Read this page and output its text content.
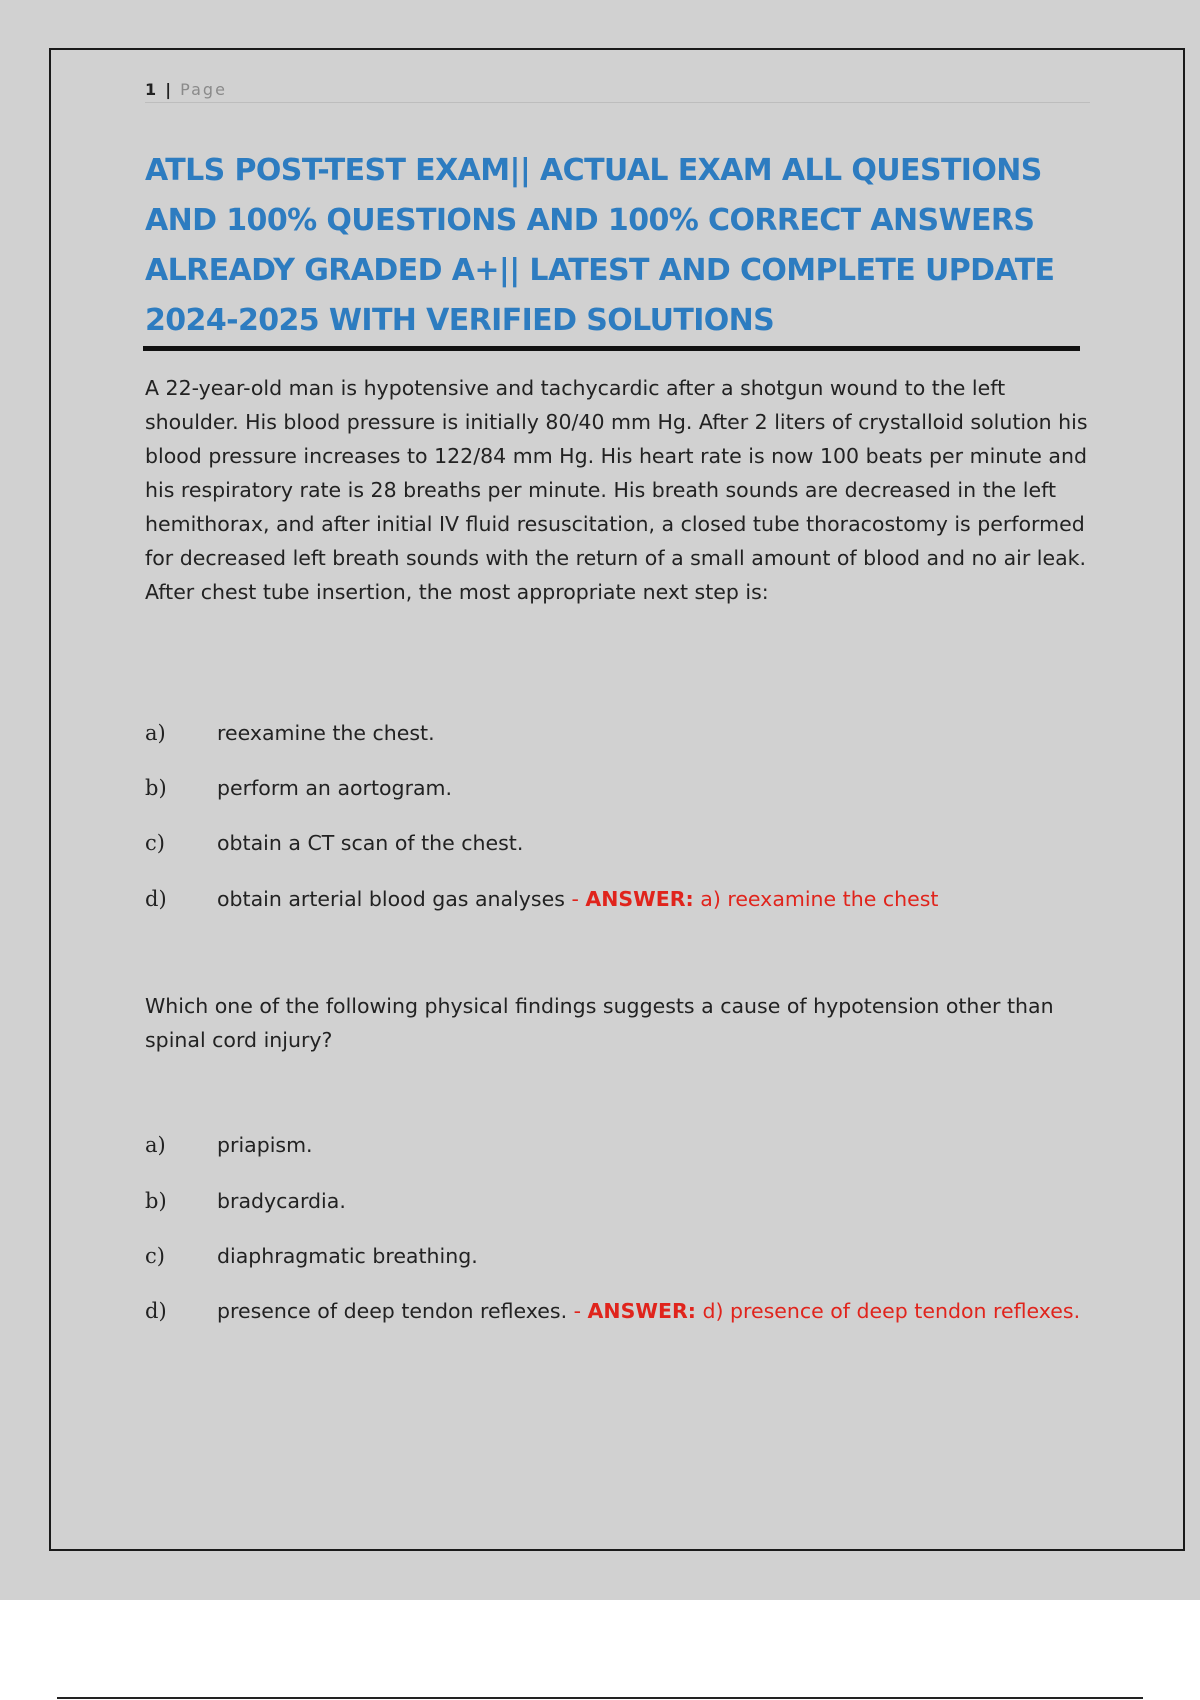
1 | Page
ATLS POST-TEST EXAM|| ACTUAL EXAM ALL QUESTIONS AND 100% QUESTIONS AND 100% CORRECT ANSWERS ALREADY GRADED A+|| LATEST AND COMPLETE UPDATE 2024-2025 WITH VERIFIED SOLUTIONS

A 22-year-old man is hypotensive and tachycardic after a shotgun wound to the left shoulder. His blood pressure is initially 80/40 mm Hg. After 2 liters of crystalloid solution his blood pressure increases to 122/84 mm Hg. His heart rate is now 100 beats per minute and his respiratory rate is 28 breaths per minute. His breath sounds are decreased in the left hemithorax, and after initial IV fluid resuscitation, a closed tube thoracostomy is performed for decreased left breath sounds with the return of a small amount of blood and no air leak. After chest tube insertion, the most appropriate next step is:

a)	reexamine the chest.
b) perform an aortogram.
c)	obtain a CT scan of the chest.
d) obtain arterial blood gas analyses - ANSWER: a) reexamine the chest

Which one of the following physical findings suggests a cause of hypotension other than spinal cord injury?

a)	priapism.
b) bradycardia.
c)	diaphragmatic breathing.
d) presence of deep tendon reflexes. - ANSWER: d) presence of deep tendon reflexes.
